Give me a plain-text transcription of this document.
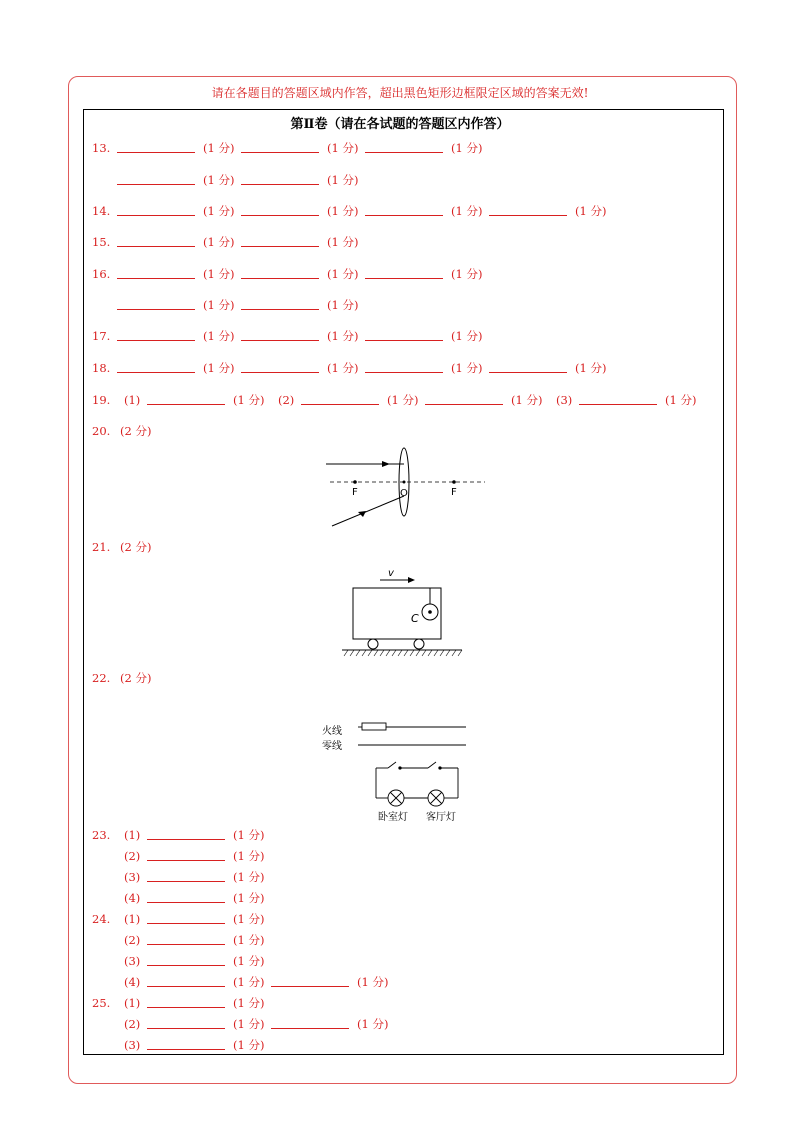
请在各题目的答题区域内作答，超出黑色矩形边框限定区域的答案无效!
第Ⅱ卷（请在各试题的答题区内作答）
13.	(1 分)	(1 分)	(1 分)
(1 分)	(1 分)
14.	(1 分)	(1 分)	(1 分)	(1 分)
15.	(1 分)	(1 分)
16.	(1 分)	(1 分)	(1 分)
(1 分)	(1 分)
17.	(1 分)	(1 分)	(1 分)
18.	(1 分)	(1 分)	(1 分)	(1 分)
19. (1)	(1 分) (2)	(1 分)	(1 分) (3)	(1 分)
20. (2 分)
F	O	F
21. (2 分)
v
C
22. (2 分)
火线
零线
卧室灯 客厅灯
23. (1)	(1 分)
(2)	(1 分)
(3)	(1 分)
(4)	(1 分)
24. (1)	(1 分)
(2)	(1 分)
(3)	(1 分)
(4)	(1 分)	(1 分)
25. (1)	(1 分)
(2)	(1 分)	(1 分)
(3)	(1 分)
